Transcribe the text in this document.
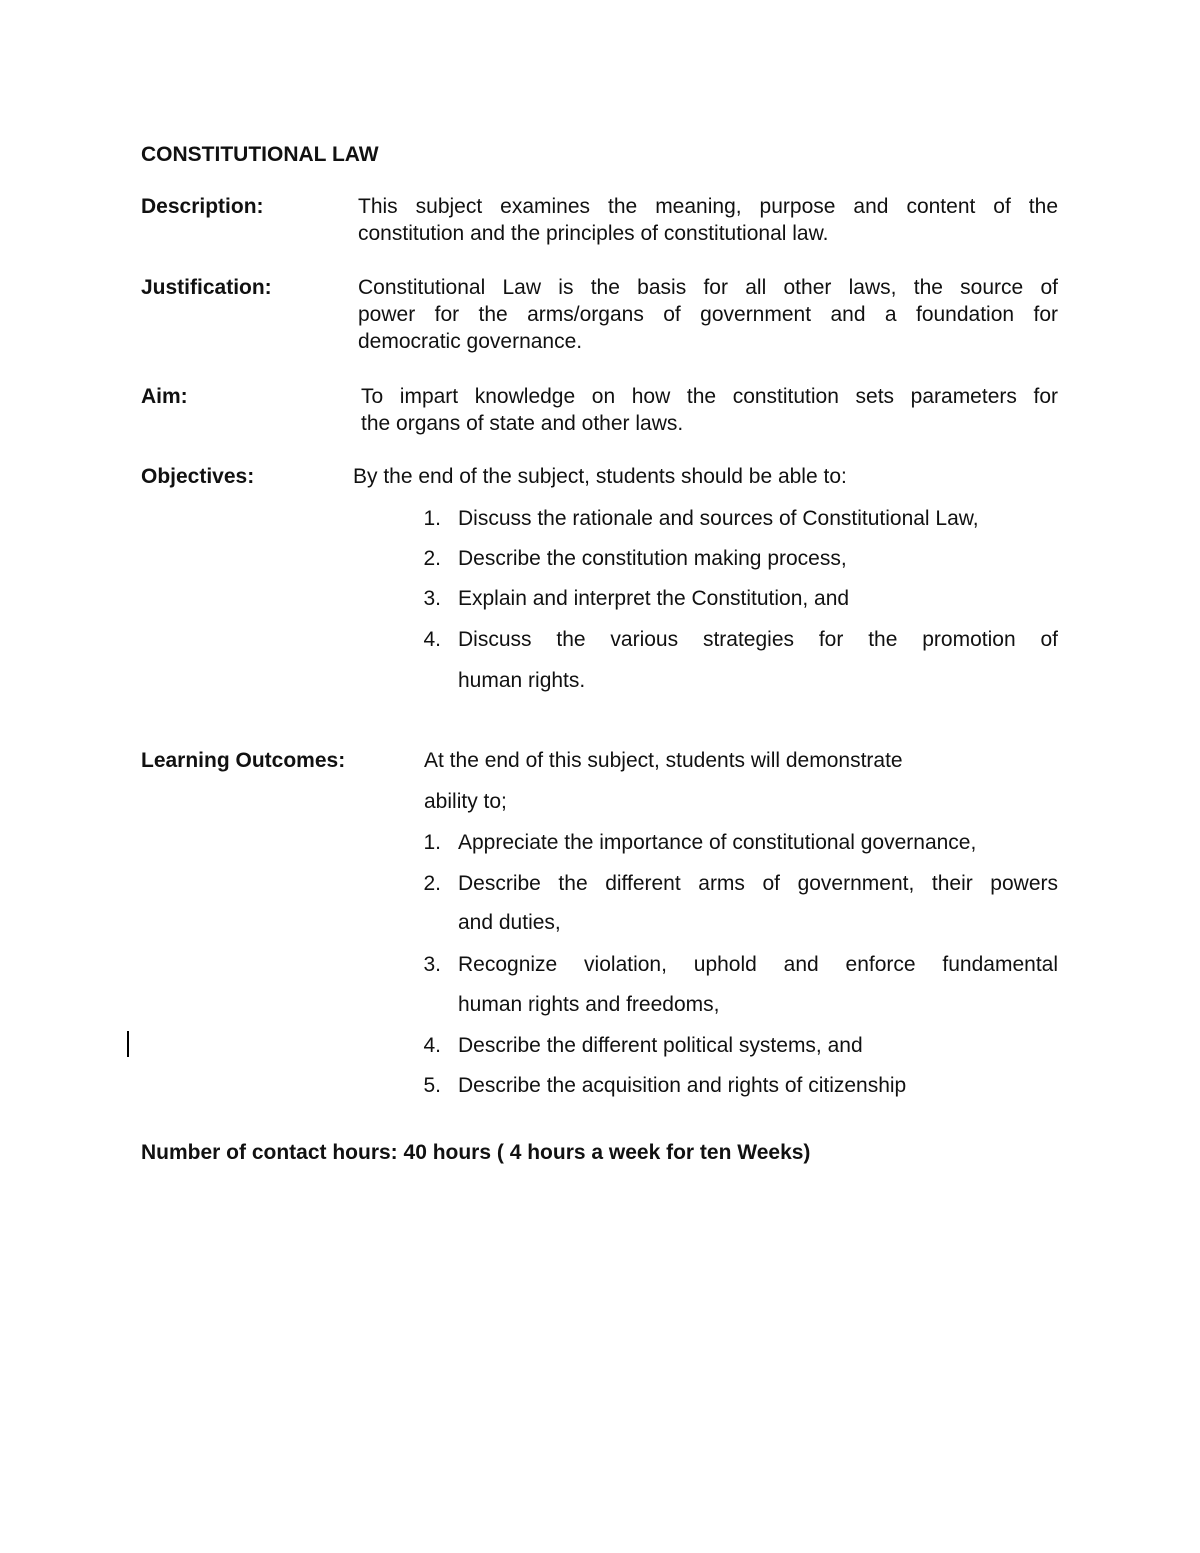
CONSTITUTIONAL LAW
Description:	This subject examines the meaning, purpose and content of the
constitution and the principles of constitutional law.
Justification:	Constitutional Law is the basis for all other laws, the source of
power for the arms/organs of government and a foundation for
democratic governance.
Aim:	To impart knowledge on how the constitution sets parameters for
the organs of state and other laws.
Objectives:	By the end of the subject, students should be able to:
1. Discuss the rationale and sources of Constitutional Law,
2. Describe the constitution making process,
3. Explain and interpret the Constitution, and
4. Discuss the various strategies for the promotion of
human rights.
Learning Outcomes:	At the end of this subject, students will demonstrate
ability to;
1. Appreciate the importance of constitutional governance,
2. Describe the different arms of government, their powers
and duties,
3. Recognize violation, uphold and enforce fundamental
human rights and freedoms,
4. Describe the different political systems, and
5. Describe the acquisition and rights of citizenship
Number of contact hours: 40 hours ( 4 hours a week for ten Weeks)
